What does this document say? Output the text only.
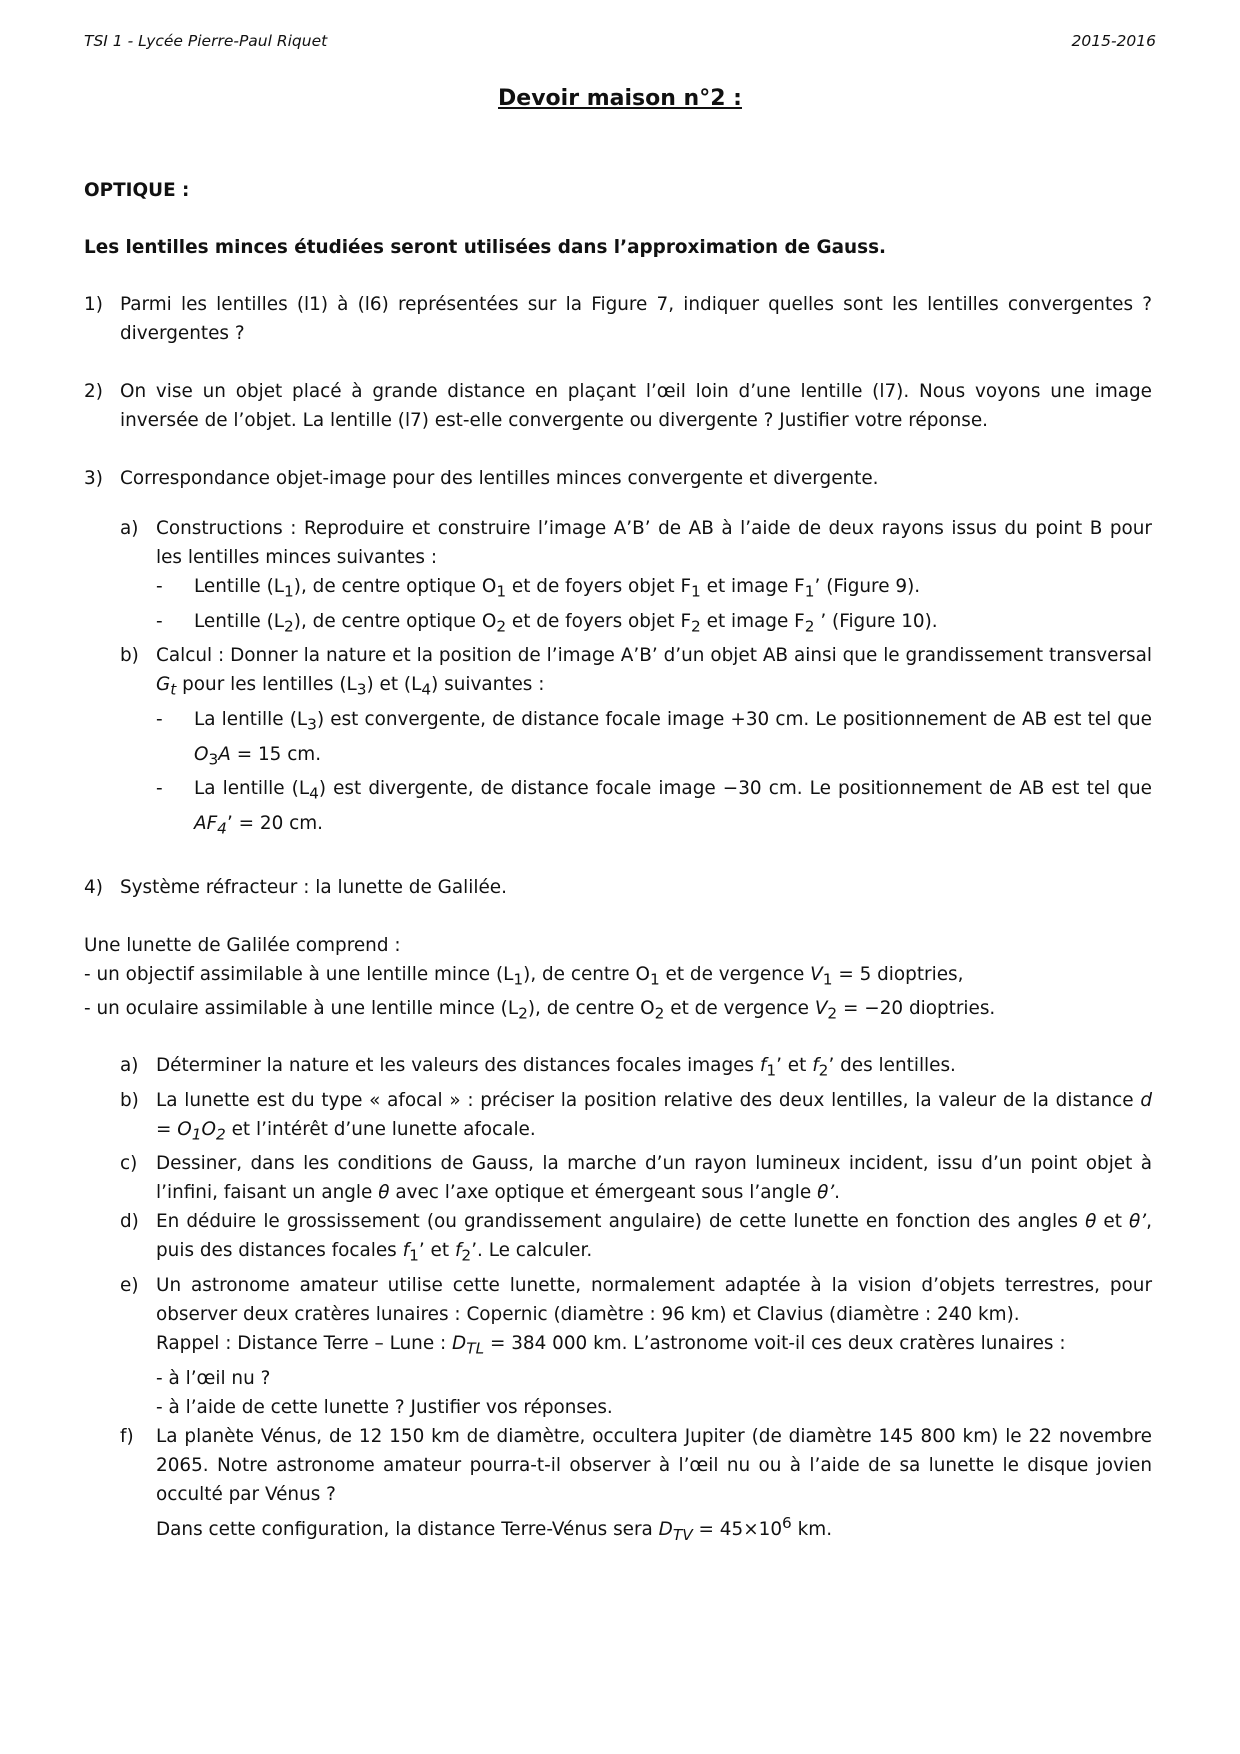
TSI 1 - Lycée Pierre-Paul Riquet	2015-2016
Devoir maison n°2 :

OPTIQUE :

Les lentilles minces étudiées seront utilisées dans l’approximation de Gauss.

1) Parmi les lentilles (l1) à (l6) représentées sur la Figure 7, indiquer quelles sont les lentilles convergentes ? divergentes ?
2) On vise un objet placé à grande distance en plaçant l’œil loin d’une lentille (l7). Nous voyons une image inversée de l’objet. La lentille (l7) est-elle convergente ou divergente ? Justifier votre réponse.
3) Correspondance objet-image pour des lentilles minces convergente et divergente.
a) Constructions : Reproduire et construire l’image A’B’ de AB à l’aide de deux rayons issus du point B pour les lentilles minces suivantes :
- Lentille $(L_1)$, de centre optique $O_1$ et de foyers objet $F_1$ et image $F_1$’ (Figure 9).
- Lentille $(L_2)$, de centre optique $O_2$ et de foyers objet $F_2$ et image $F_2$ ’ (Figure 10).
b) Calcul : Donner la nature et la position de l’image A’B’ d’un objet AB ainsi que le grandissement transversal $G_t$ pour les lentilles $(L_3)$ et $(L_4)$ suivantes :
- La lentille $(L_3)$ est convergente, de distance focale image +30 cm. Le positionnement de AB est tel que $O_3A = 15$ cm.
- La lentille $(L_4)$ est divergente, de distance focale image −30 cm. Le positionnement de AB est tel que $AF_4$’ = 20 cm.
4) Système réfracteur : la lunette de Galilée.
Une lunette de Galilée comprend :
- un objectif assimilable à une lentille mince $(L_1)$, de centre $O_1$ et de vergence $V_1 = 5$ dioptries,
- un oculaire assimilable à une lentille mince $(L_2)$, de centre $O_2$ et de vergence $V_2 = -20$ dioptries.
a) Déterminer la nature et les valeurs des distances focales images $f_1$’ et $f_2$’ des lentilles.
b) La lunette est du type « afocal » : préciser la position relative des deux lentilles, la valeur de la distance $d = O_1O_2$ et l’intérêt d’une lunette afocale.
c) Dessiner, dans les conditions de Gauss, la marche d’un rayon lumineux incident, issu d’un point objet à l’infini, faisant un angle θ avec l’axe optique et émergeant sous l’angle θ’.
d) En déduire le grossissement (ou grandissement angulaire) de cette lunette en fonction des angles θ et θ’, puis des distances focales $f_1$’ et $f_2$’. Le calculer.
e) Un astronome amateur utilise cette lunette, normalement adaptée à la vision d’objets terrestres, pour observer deux cratères lunaires : Copernic (diamètre : 96 km) et Clavius (diamètre : 240 km).
Rappel : Distance Terre – Lune : $D_{TL} = 384$ 000 km. L’astronome voit-il ces deux cratères lunaires :
- à l’œil nu ?
- à l’aide de cette lunette ? Justifier vos réponses.
f) La planète Vénus, de 12 150 km de diamètre, occultera Jupiter (de diamètre 145 800 km) le 22 novembre 2065. Notre astronome amateur pourra-t-il observer à l’œil nu ou à l’aide de sa lunette le disque jovien occulté par Vénus ?
Dans cette configuration, la distance Terre-Vénus sera $D_{TV} = 45\times 10^6$ km.
